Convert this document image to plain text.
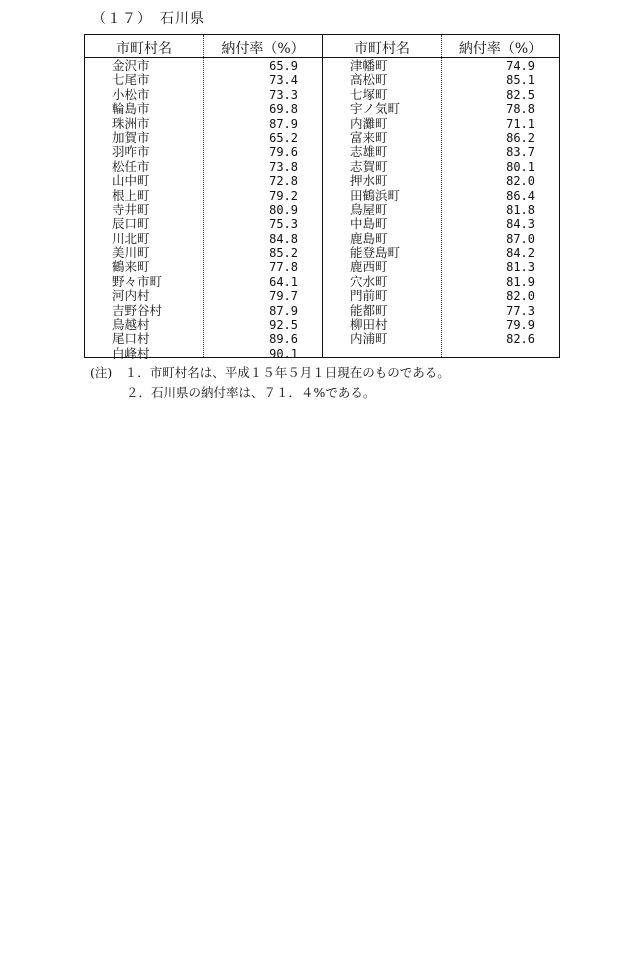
（１７）　石川県
市町村名	納付率（%）
金沢市	65.9
七尾市	73.4
小松市	73.3
輪島市	69.8
珠洲市	87.9
加賀市	65.2
羽咋市	79.6
松任市	73.8
山中町	72.8
根上町	79.2
寺井町	80.9
辰口町	75.3
川北町	84.8
美川町	85.2
鶴来町	77.8
野々市町	64.1
河内村	79.7
吉野谷村	87.9
鳥越村	92.5
尾口村	89.6
白峰村	90.1
市町村名	納付率（%）
津幡町	74.9
高松町	85.1
七塚町	82.5
宇ノ気町	78.8
内灘町	71.1
富来町	86.2
志雄町	83.7
志賀町	80.1
押水町	82.0
田鶴浜町	86.4
鳥屋町	81.8
中島町	84.3
鹿島町	87.0
能登島町	84.2
鹿西町	81.3
穴水町	81.9
門前町	82.0
能都町	77.3
柳田村	79.9
内浦町	82.6
(注)　１．市町村名は、平成１５年５月１日現在のものである。
２．石川県の納付率は、７１．４%である。
